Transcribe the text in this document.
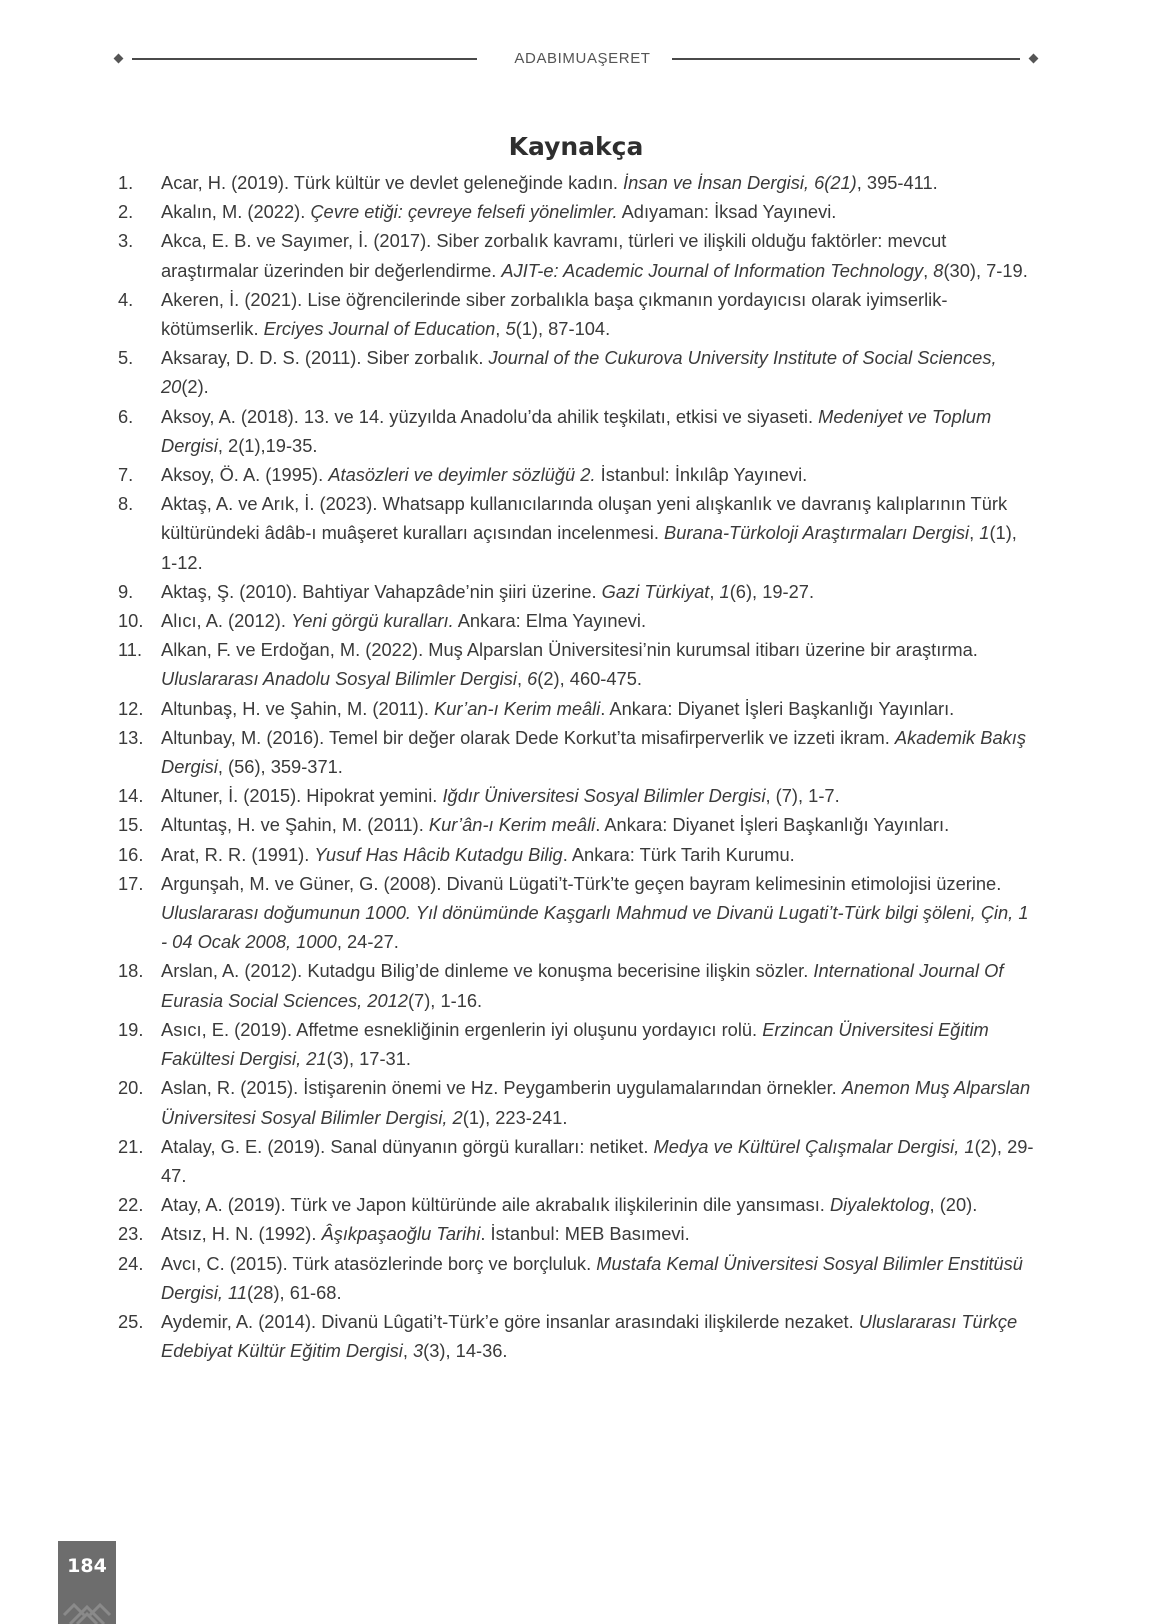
ADABIMUAŞERET
Kaynakça
1. Acar, H. (2019). Türk kültür ve devlet geleneğinde kadın. İnsan ve İnsan Dergisi, 6(21), 395-411.
2. Akalın, M. (2022). Çevre etiği: çevreye felsefi yönelimler. Adıyaman: İksad Yayınevi.
3. Akca, E. B. ve Sayımer, İ. (2017). Siber zorbalık kavramı, türleri ve ilişkili olduğu faktörler: mevcut araştırmalar üzerinden bir değerlendirme. AJIT-e: Academic Journal of Information Technology, 8(30), 7-19.
4. Akeren, İ. (2021). Lise öğrencilerinde siber zorbalıkla başa çıkmanın yordayıcısı olarak iyimserlik-kötümserlik. Erciyes Journal of Education, 5(1), 87-104.
5. Aksaray, D. D. S. (2011). Siber zorbalık. Journal of the Cukurova University Institute of Social Sciences, 20(2).
6. Aksoy, A. (2018). 13. ve 14. yüzyılda Anadolu’da ahilik teşkilatı, etkisi ve siyaseti. Medeniyet ve Toplum Dergisi, 2(1),19-35.
7. Aksoy, Ö. A. (1995). Atasözleri ve deyimler sözlüğü 2. İstanbul: İnkılâp Yayınevi.
8. Aktaş, A. ve Arık, İ. (2023). Whatsapp kullanıcılarında oluşan yeni alışkanlık ve davranış kalıplarının Türk kültüründeki âdâb-ı muâşeret kuralları açısından incelenmesi. Burana-Türkoloji Araştırmaları Dergisi, 1(1), 1-12.
9. Aktaş, Ş. (2010). Bahtiyar Vahapzâde’nin şiiri üzerine. Gazi Türkiyat, 1(6), 19-27.
10. Alıcı, A. (2012). Yeni görgü kuralları. Ankara: Elma Yayınevi.
11. Alkan, F. ve Erdoğan, M. (2022). Muş Alparslan Üniversitesi’nin kurumsal itibarı üzerine bir araştırma. Uluslararası Anadolu Sosyal Bilimler Dergisi, 6(2), 460-475.
12. Altunbaş, H. ve Şahin, M. (2011). Kur’an-ı Kerim meâli. Ankara: Diyanet İşleri Başkanlığı Yayınları.
13. Altunbay, M. (2016). Temel bir değer olarak Dede Korkut’ta misafirperverlik ve izzeti ikram. Akademik Bakış Dergisi, (56), 359-371.
14. Altuner, İ. (2015). Hipokrat yemini. Iğdır Üniversitesi Sosyal Bilimler Dergisi, (7), 1-7.
15. Altuntaş, H. ve Şahin, M. (2011). Kur’ân-ı Kerim meâli. Ankara: Diyanet İşleri Başkanlığı Yayınları.
16. Arat, R. R. (1991). Yusuf Has Hâcib Kutadgu Bilig. Ankara: Türk Tarih Kurumu.
17. Argunşah, M. ve Güner, G. (2008). Divanü Lügati’t-Türk’te geçen bayram kelimesinin etimolojisi üzerine. Uluslararası doğumunun 1000. Yıl dönümünde Kaşgarlı Mahmud ve Divanü Lugati’t-Türk bilgi şöleni, Çin, 1 - 04 Ocak 2008, 1000, 24-27.
18. Arslan, A. (2012). Kutadgu Bilig’de dinleme ve konuşma becerisine ilişkin sözler. International Journal Of Eurasia Social Sciences, 2012(7), 1-16.
19. Asıcı, E. (2019). Affetme esnekliğinin ergenlerin iyi oluşunu yordayıcı rolü. Erzincan Üniversitesi Eğitim Fakültesi Dergisi, 21(3), 17-31.
20. Aslan, R. (2015). İstişarenin önemi ve Hz. Peygamberin uygulamalarından örnekler. Anemon Muş Alparslan Üniversitesi Sosyal Bilimler Dergisi, 2(1), 223-241.
21. Atalay, G. E. (2019). Sanal dünyanın görgü kuralları: netiket. Medya ve Kültürel Çalışmalar Dergisi, 1(2), 29-47.
22. Atay, A. (2019). Türk ve Japon kültüründe aile akrabalık ilişkilerinin dile yansıması. Diyalektolog, (20).
23. Atsız, H. N. (1992). Âşıkpaşaoğlu Tarihi. İstanbul: MEB Basımevi.
24. Avcı, C. (2015). Türk atasözlerinde borç ve borçluluk. Mustafa Kemal Üniversitesi Sosyal Bilimler Enstitüsü Dergisi, 11(28), 61-68.
25. Aydemir, A. (2014). Divanü Lûgati’t-Türk’e göre insanlar arasındaki ilişkilerde nezaket. Uluslararası Türkçe Edebiyat Kültür Eğitim Dergisi, 3(3), 14-36.
184
